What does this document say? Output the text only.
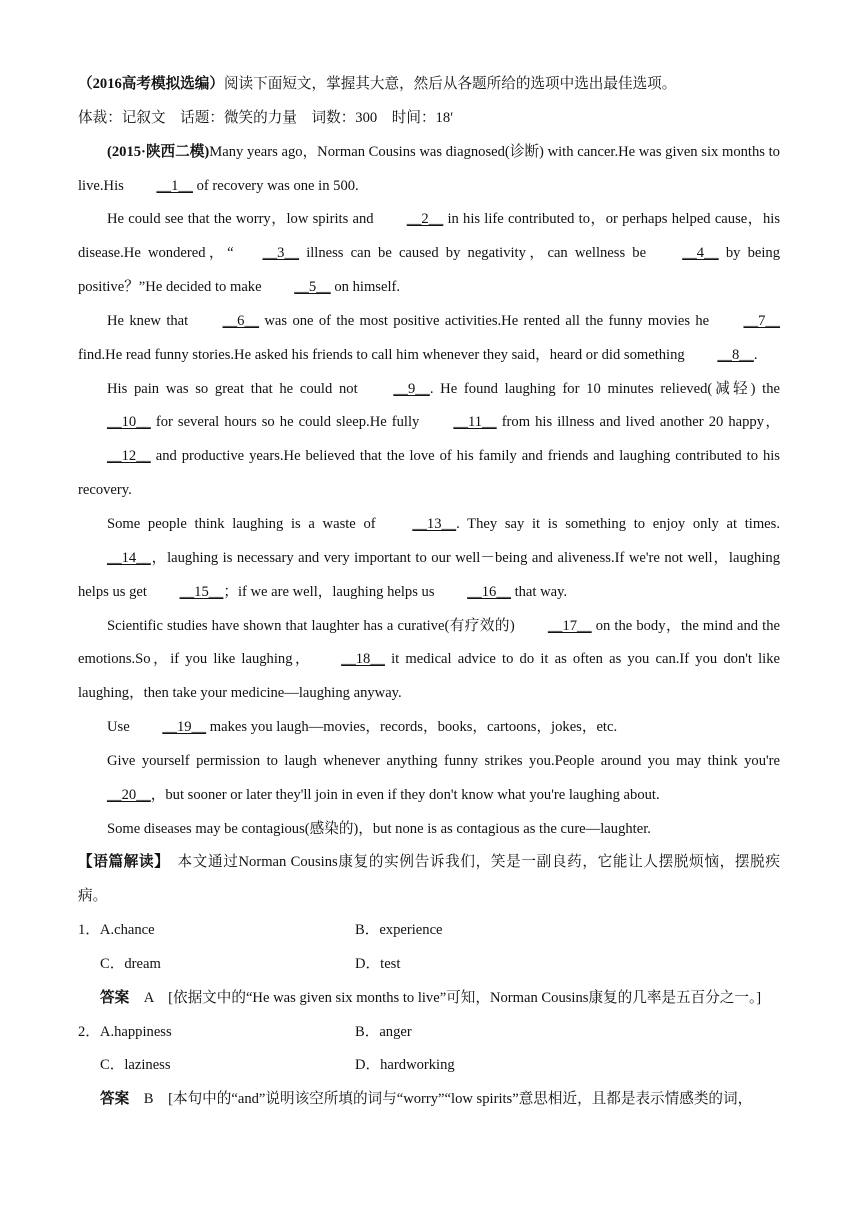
（2016高考模拟选编）阅读下面短文，掌握其大意，然后从各题所给的选项中选出最佳选项。

体裁：记叙文　话题：微笑的力量　词数：300　时间：18′

(2015·陕西二模)Many years ago，Norman Cousins was diagnosed(诊断) with cancer.He was given six months to live.His __1__ of recovery was one in 500.

He could see that the worry，low spirits and __2__ in his life contributed to，or perhaps helped cause，his disease.He wondered，“ __3__ illness can be caused by negativity，can wellness be __4__ by being positive？”He decided to make __5__ on himself.

He knew that __6__ was one of the most positive activities.He rented all the funny movies he __7__ find.He read funny stories.He asked his friends to call him whenever they said，heard or did something __8__.

His pain was so great that he could not __9__. He found laughing for 10 minutes relieved(减轻) the __10__ for several hours so he could sleep.He fully __11__ from his illness and lived another 20 happy，__12__ and productive years.He believed that the love of his family and friends and laughing contributed to his recovery.

Some people think laughing is a waste of __13__. They say it is something to enjoy only at times.__14__，laughing is necessary and very important to our well－being and aliveness.If we're not well，laughing helps us get __15__；if we are well，laughing helps us __16__ that way.

Scientific studies have shown that laughter has a curative(有疗效的) __17__ on the body，the mind and the emotions.So，if you like laughing， __18__ it medical advice to do it as often as you can.If you don't like laughing，then take your medicine—laughing anyway.

Use __19__ makes you laugh—movies，records，books，cartoons，jokes，etc.

Give yourself permission to laugh whenever anything funny strikes you.People around you may think you're __20__，but sooner or later they'll join in even if they don't know what you're laughing about.

Some diseases may be contagious(感染的)，but none is as contagious as the cure—laughter.

【语篇解读】　本文通过Norman Cousins康复的实例告诉我们，笑是一副良药，它能让人摆脱烦恼，摆脱疾病。

1．A.chance	B．experience
C．dream	D．test

答案　A　[依据文中的“He was given six months to live”可知，Norman Cousins康复的几率是五百分之一。]

2．A.happiness	B．anger
C．laziness	D．hardworking

答案　B　[本句中的“and”说明该空所填的词与“worry”“low spirits”意思相近，且都是表示情感类的词，
